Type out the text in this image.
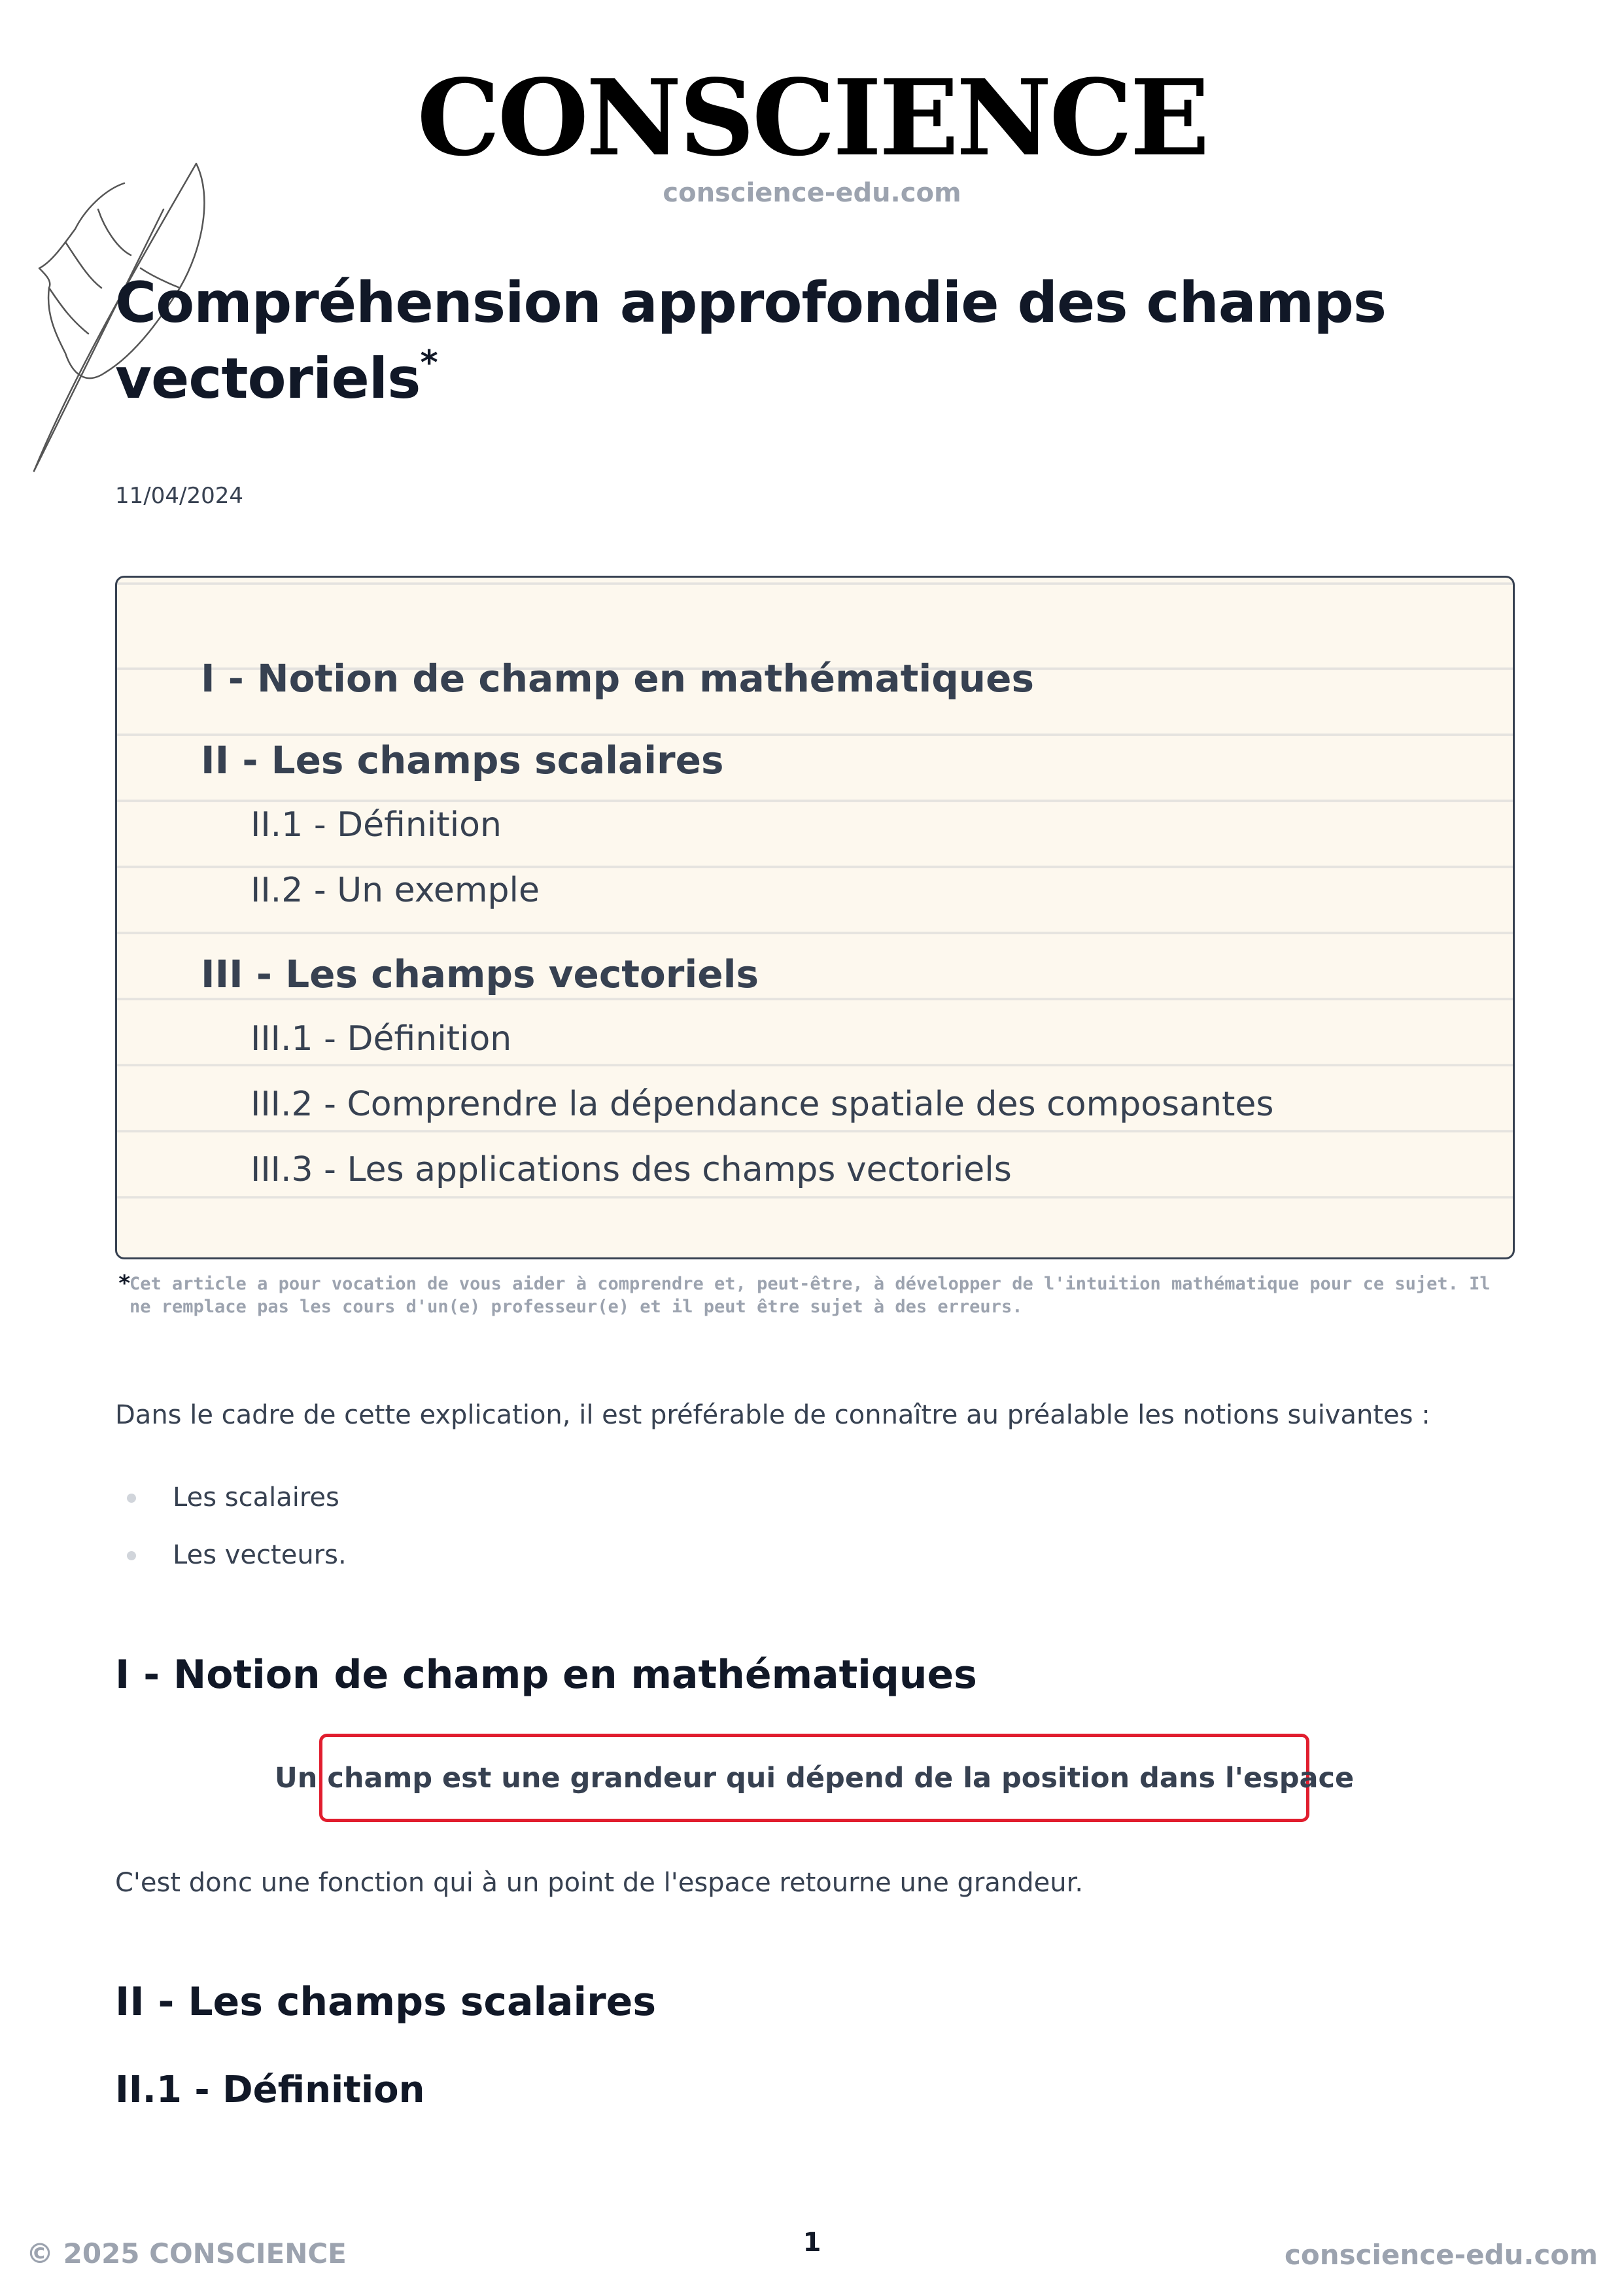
CONSCIENCE
conscience-edu.com
Compréhension approfondie des champs vectoriels*
11/04/2024
I - Notion de champ en mathématiques
II - Les champs scalaires
II.1 - Définition
II.2 - Un exemple
III - Les champs vectoriels
III.1 - Définition
III.2 - Comprendre la dépendance spatiale des composantes
III.3 - Les applications des champs vectoriels
*
Cet article a pour vocation de vous aider à comprendre et, peut-être, à développer de l'intuition mathématique pour ce sujet. Il ne remplace pas les cours d'un(e) professeur(e) et il peut être sujet à des erreurs.

Dans le cadre de cette explication, il est préférable de connaître au préalable les notions suivantes :

Les scalaires
Les vecteurs.
I - Notion de champ en mathématiques
Un champ est une grandeur qui dépend de la position dans l'espace

C'est donc une fonction qui à un point de l'espace retourne une grandeur.

II - Les champs scalaires
II.1 - Définition
© 2025 CONSCIENCE	1	conscience-edu.com
